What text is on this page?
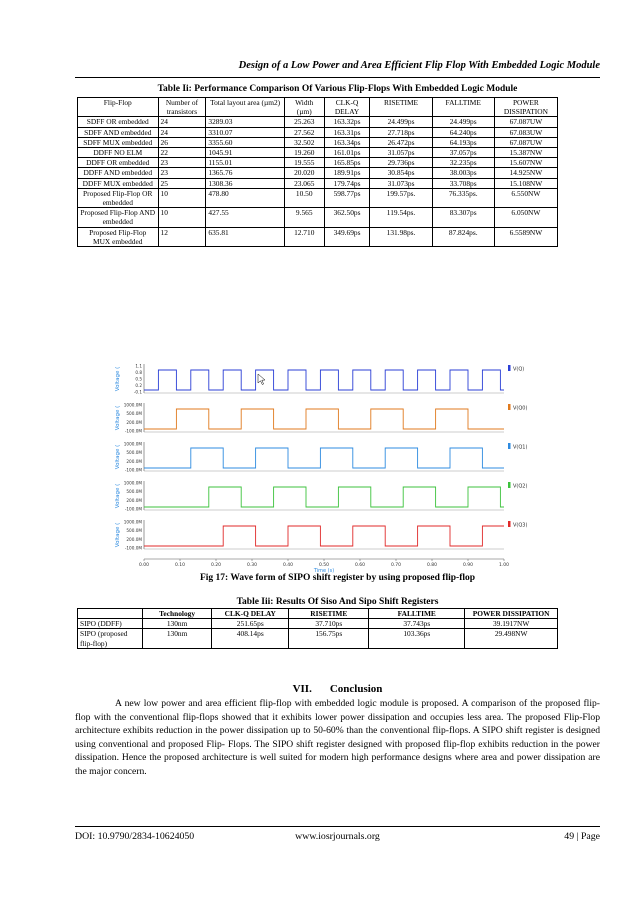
Design of a Low Power and Area Efficient Flip Flop With Embedded Logic Module
Table Ii: Performance Comparison Of Various Flip-Flops With Embedded Logic Module
Flip-Flop	Number of transistors	Total layout area (µm2)	Width (µm)	CLK-Q DELAY	RISETIME	FALLTIME	POWER DISSIPATION
SDFF OR embedded	24	3289.03	25.263	163.32ps	24.499ps	24.499ps	67.087UW
SDFF AND embedded	24	3310.07	27.562	163.31ps	27.718ps	64.240ps	67.083UW
SDFF MUX embedded	26	3355.60	32.502	163.34ps	26.472ps	64.193ps	67.087UW
DDFF NO ELM	22	1045.91	19.260	161.01ps	31.057ps	37.057ps	15.387NW
DDFF OR embedded	23	1155.01	19.555	165.85ps	29.736ps	32.235ps	15.607NW
DDFF AND embedded	23	1365.76	20.020	189.91ps	30.854ps	38.003ps	14.925NW
DDFF MUX embedded	25	1308.36	23.065	179.74ps	31.073ps	33.708ps	15.108NW
Proposed Flip-Flop OR embedded	10	478.80	10.50	598.77ps	199.57ps.	76.335ps.	6.550NW
Proposed Flip-Flop AND embedded	10	427.55	9.565	362.50ps	119.54ps.	83.307ps	6.050NW
Proposed Flip-Flop MUX embedded	12	635.81	12.710	349.69ps	131.98ps.	87.824ps.	6.5589NW
1.1
0.8
0.5
0.2
-0.1
Voltage (	V(Q)
1000.0M
500.0M
200.0M
-100.0M
Voltage (	V(Q0)
1000.0M
500.0M
200.0M
-100.0M
Voltage (	V(Q1)
1000.0M
500.0M
200.0M
-100.0M
Voltage (	V(Q2)
1000.0M
500.0M
200.0M
-100.0M
Voltage (	V(Q3)
0.00	0.10	0.20	0.30	0.40	0.50	0.60	0.70	0.80	0.90	1.00
Time (s)
Fig 17: Wave form of SIPO shift register by using proposed flip-flop
Table Iii: Results Of Siso And Sipo Shift Registers
	Technology	CLK-Q DELAY	RISETIME	FALLTIME	POWER DISSIPATION
SIPO (DDFF)	130nm	251.65ps	37.710ps	37.743ps	39.1917NW
SIPO (proposed flip-flop)	130nm	408.14ps	156.75ps	103.36ps	29.498NW
VII. Conclusion
A new low power and area efficient flip-flop with embedded logic module is proposed. A comparison of the proposed flip-flop with the conventional flip-flops showed that it exhibits lower power dissipation and occupies less area. The proposed Flip-Flop architecture exhibits reduction in the power dissipation up to 50-60% than the conventional flip-flops. A SIPO shift register is designed using conventional and proposed Flip- Flops. The SIPO shift register designed with proposed flip-flop exhibits reduction in the power dissipation. Hence the proposed architecture is well suited for modern high performance designs where area and power dissipation are the major concern.
DOI: 10.9790/2834-10624050	www.iosrjournals.org	49 | Page
